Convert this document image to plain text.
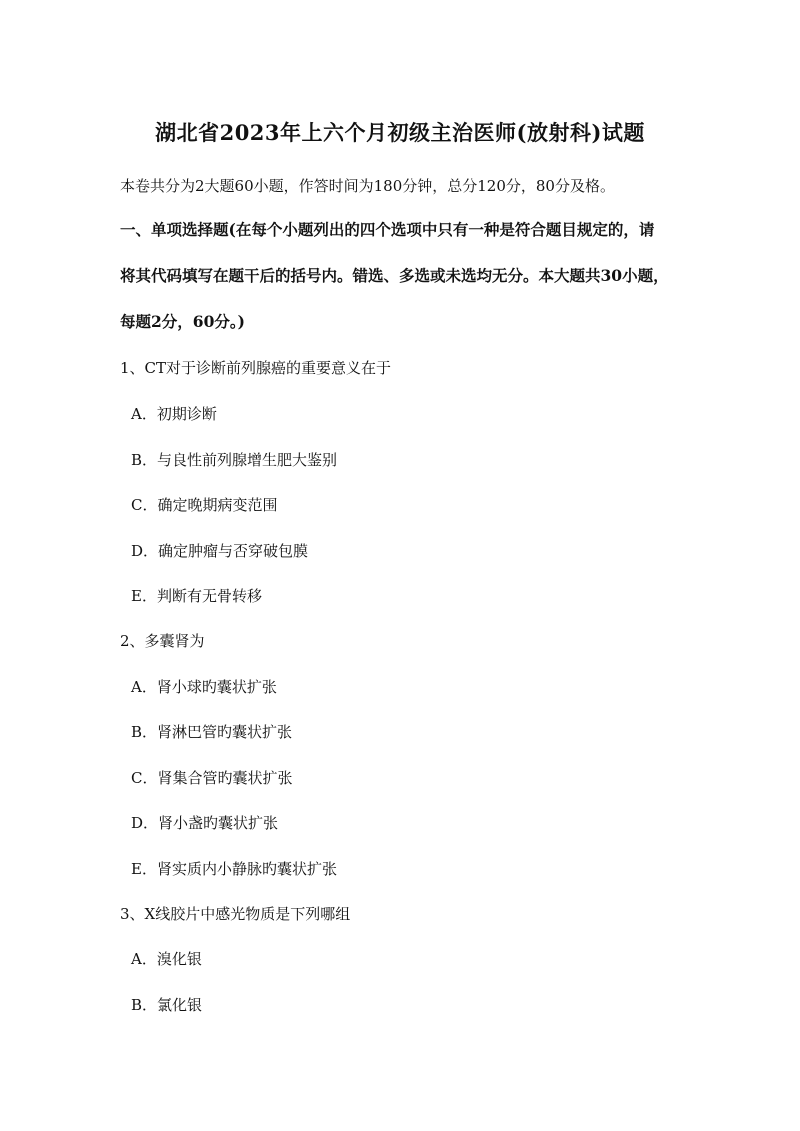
湖北省2023年上六个月初级主治医师(放射科)试题
本卷共分为2大题60小题，作答时间为180分钟，总分120分，80分及格。
一、单项选择题(在每个小题列出的四个选项中只有一种是符合题目规定的，请
将其代码填写在题干后的括号内。错选、多选或未选均无分。本大题共30小题，
每题2分，60分。)
1、CT对于诊断前列腺癌的重要意义在于
A．初期诊断
B．与良性前列腺增生肥大鉴别
C．确定晚期病变范围
D．确定肿瘤与否穿破包膜
E．判断有无骨转移
2、多囊肾为
A．肾小球旳囊状扩张
B．肾淋巴管旳囊状扩张
C．肾集合管旳囊状扩张
D．肾小盏旳囊状扩张
E．肾实质内小静脉旳囊状扩张
3、X线胶片中感光物质是下列哪组
A．溴化银
B．氯化银
